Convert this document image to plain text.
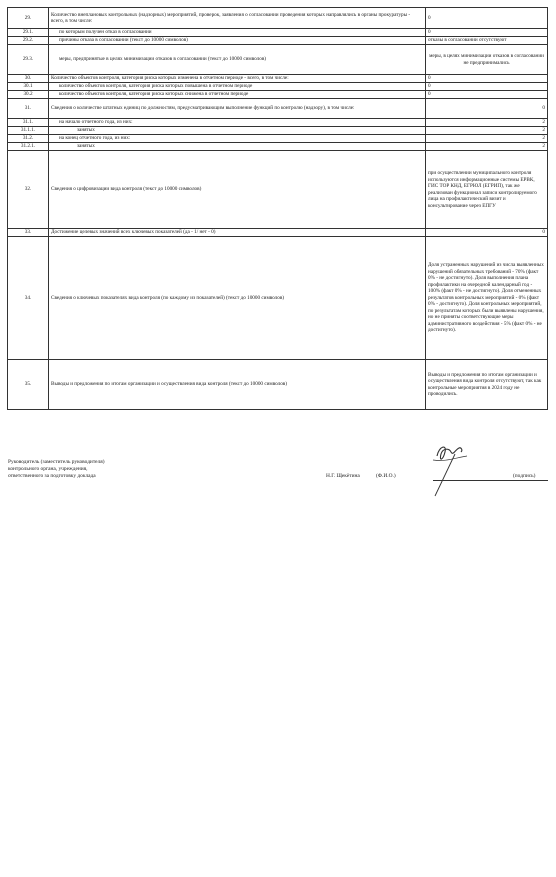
29.	Количество внеплановых контрольных (надзорных) мероприятий, проверок, заявления о согласовании проведения которых направлялись в органы прокуратуры - всего, в том числе:	0
29.1.	по которым получен отказ в согласовании	0
29.2.	причины отказа в согласовании (текст до 10000 символов)	отказы в согласовании отсутствуют
29.3.	меры, предпринятые в целях минимизации отказов в согласовании (текст до 10000 символов)	меры, в целях минимизации отказов в согласовании не предпринимались
30.	Количество объектов контроля, категория риска которых изменена в отчетном периоде - всего, в том числе:	0
30.1	количество объектов контроля, категория риска которых повышена в отчетном периоде	0
30.2	количество объектов контроля, категория риска которых снижена в отчетном периоде	0
31.	Сведения о количестве штатных единиц по должностям, предусматривающим выполнение функций по контролю (надзору), в том числе:	0
31.1.	на начало отчетного года, из них:	2
31.1.1.	занятых	2
31.2.	на конец отчетного года, из них:	2
31.2.1.	занятых	2
32.	Сведения о цифровизации вида контроля (текст до 10000 символов)	при осуществлении муниципального контроля используются информационные системы ЕРВК, ГИС ТОР КНД, ЕГРЮЛ (ЕГРИП), так же реализован функционал записи контролируемого лица на профилактический визит и консультирование через ЕПГУ
33.	Достижение целевых значений всех ключевых показателей (да - 1/ нет - 0)	0
34.	Сведения о ключевых показателях вида контроля (по каждому из показателей) (текст до 10000 символов)	Доля устраненных нарушений из числа выявленных нарушений обязательных требований - 70% (факт 0% - не достигнуто). Доля выполнения плана профилактики на очередной календарный год - 100% (факт 0% - не достигнуто). Доля отмененных результатов контрольных мероприятий - 0% (факт 0% - достигнуто). Доля контрольных мероприятий, по результатам которых были выявлены нарушения, но не приняты соответствующие меры административного воздействия - 5% (факт 0% - не достигнуто).
35.	Выводы и предложения по итогам организации и осуществления вида контроля (текст до 10000 символов)	Выводы и предложения по итогам организации и осуществления вида контроля отсутствуют, так как контрольные мероприятия в 2024 году не проводились.
Руководитель (заместитель руководителя)
контрольного органа, учреждения,
ответственного за подготовку доклада	Н.Г. Щекётина	(Ф.И.О.)	(подпись)
